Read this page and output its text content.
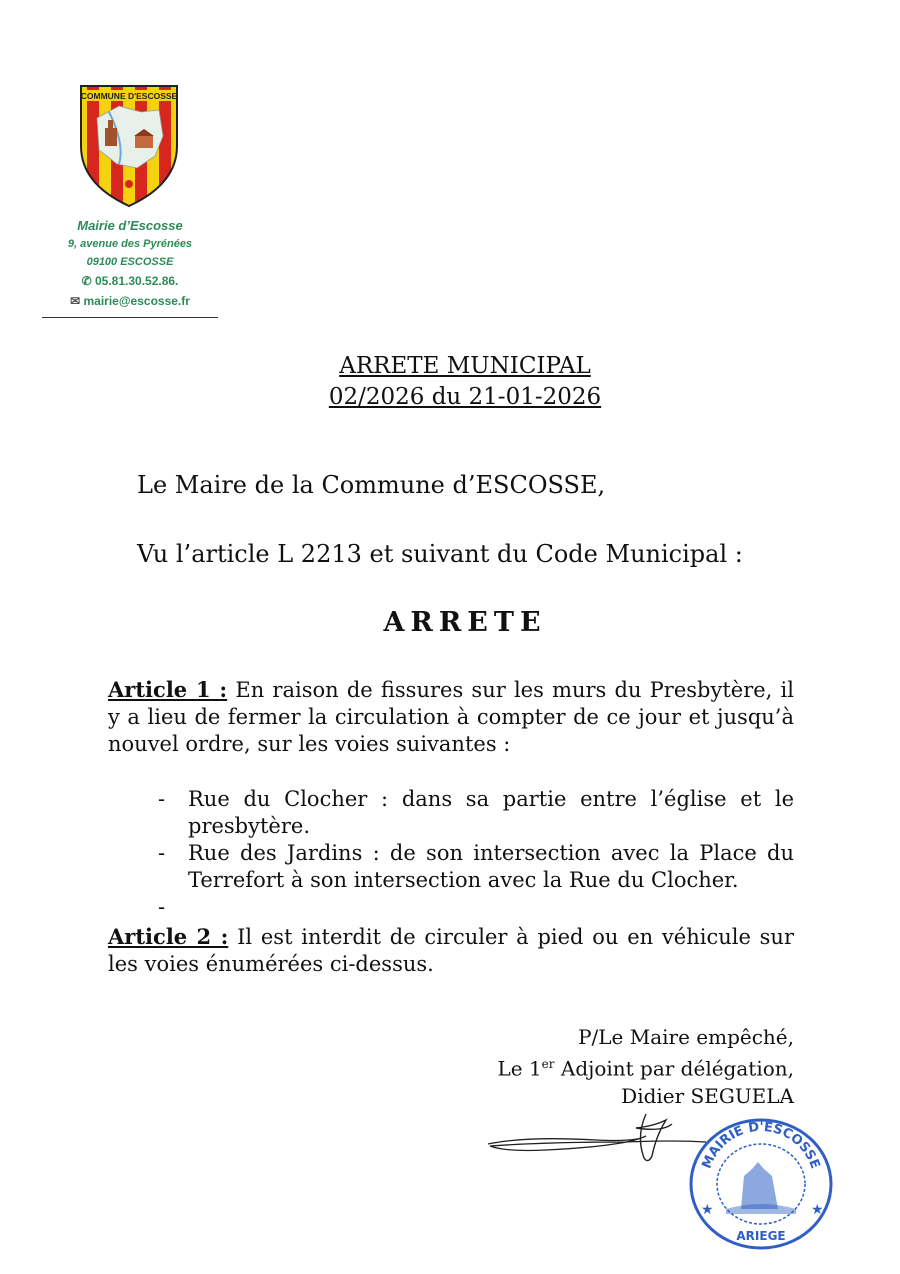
COMMUNE D'ESCOSSE
Mairie d’Escosse
9, avenue des Pyrénées
09100 ESCOSSE
✆ 05.81.30.52.86.
✉ mairie@escosse.fr
ARRETE MUNICIPAL
02/2026 du 21-01-2026
Le Maire de la Commune d’ESCOSSE,
Vu l’article L 2213 et suivant du Code Municipal :
ARRETE
Article 1 : En raison de fissures sur les murs du Presbytère, il y a lieu de fermer la circulation à compter de ce jour et jusqu’à nouvel ordre, sur les voies suivantes :
-	Rue du Clocher : dans sa partie entre l’église et le presbytère.
-	Rue des Jardins : de son intersection avec la Place du Terrefort à son intersection avec la Rue du Clocher.
-
Article 2 : Il est interdit de circuler à pied ou en véhicule sur les voies énumérées ci-dessus.
P/Le Maire empêché,
Le 1er Adjoint par délégation,
Didier SEGUELA
MAIRIE D'ESCOSSE
ARIEGE
★	★
